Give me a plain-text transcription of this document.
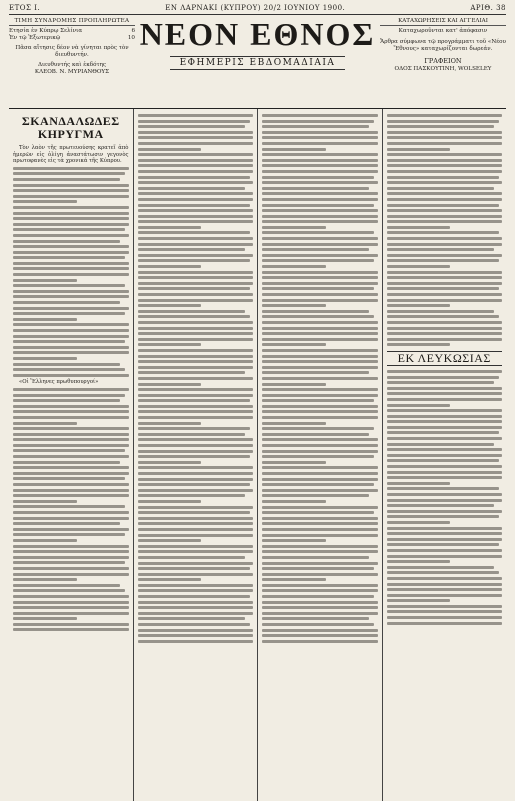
ΕΤΟΣ Ι.	ΕΝ ΛΑΡΝΑΚΙ (ΚΥΠΡΟΥ) 20/2 ΙΟΥΝΙΟΥ 1900.	ΑΡΙΘ. 38
ΤΙΜΗ ΣΥΝΔΡΟΜΗΣ ΠΡΟΠΛΗΡΩΤΕΑ
Ετησία ἐν Κύπρῳ Σελίνια	6
Ἐν τῷ Ἐξωτερικῷ	10
Πᾶσα αἴτησις δέον νὰ γίνηται πρὸς τὸν διευθυντήν.
Διευθυντής καὶ ἐκδότης
ΚΛΕΟΒ. Ν. ΜΥΡΙΑΝΘΟΥΣ
ΝΕΟΝ ΕΘΝΟΣ
ΕΦΗΜΕΡΙΣ ΕΒΔΟΜΑΔΙΑΙΑ
ΚΑΤΑΧΩΡΗΣΕΙΣ ΚΑΙ ΑΓΓΕΛΙΑΙ
Καταχωροῦνται κατ' ἀπόφασιν
Ἄρθρα σύμφωνα τῷ προγράμματι τοῦ «Νέου Ἔθνους» καταχωρίζονται δωρεάν.
ΓΡΑΦΕΙΟΝ
ΟΔΟΣ ΠΑΣΚΟΥΤΙΝΗ, WOLSELEY
ΣΚΑΝΔΑΛΩΔΕΣ ΚΗΡΥΓΜΑ
Τὸν λαὸν τῆς πρωτευούσης κρατεῖ ἀπὸ ἡμερῶν εἰς ὀλίγη ἀναστάτωσιν γεγονὸς πρωτοφανὲς εἰς τὰ χρονικά τῆς Κύπρου.
«Οἱ Ἕλληνες πρωθυπουργοί»
ΕΚ ΛΕΥΚΩΣΙΑΣ
